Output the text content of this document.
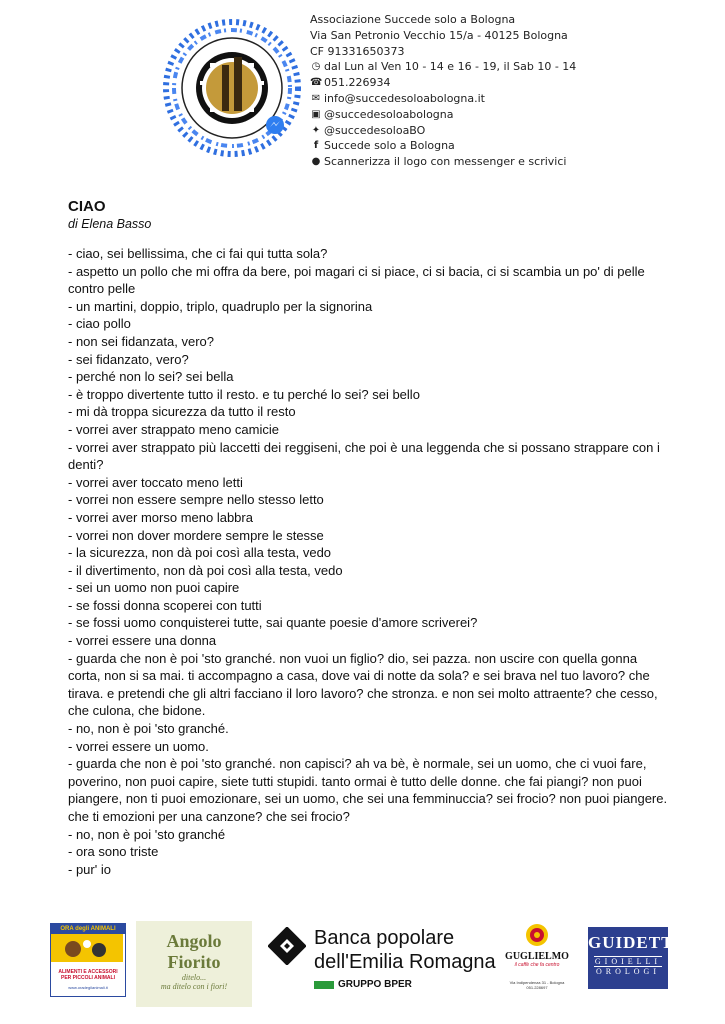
Associazione Succede solo a Bologna
Via San Petronio Vecchio 15/a - 40125 Bologna
CF 91331650373
◷ dal Lun al Ven 10 - 14 e 16 - 19, il Sab 10 - 14
☎ 051.226934
✉ info@succedesoloabologna.it
▣ @succedesoloabologna
✦ @succedesoloaBO
f Succede solo a Bologna
● Scannerizza il logo con messenger e scrivici
CIAO
di Elena Basso

- ciao, sei bellissima, che ci fai qui tutta sola?

- aspetto un pollo che mi offra da bere, poi magari ci si piace, ci si bacia, ci si scambia un po' di pelle contro pelle

- un martini, doppio, triplo, quadruplo per la signorina

- ciao pollo

- non sei fidanzata, vero?

- sei fidanzato, vero?

- perché non lo sei? sei bella

- è troppo divertente tutto il resto. e tu perché lo sei? sei bello

- mi dà troppa sicurezza da tutto il resto

- vorrei aver strappato meno camicie

- vorrei aver strappato più laccetti dei reggiseni, che poi è una leggenda che si possano strappare con i denti?

- vorrei aver toccato meno letti

- vorrei non essere sempre nello stesso letto

- vorrei aver morso meno labbra

- vorrei non dover mordere sempre le stesse

- la sicurezza, non dà poi così alla testa, vedo

- il divertimento, non dà poi così alla testa, vedo

- sei un uomo non puoi capire

- se fossi donna scoperei con tutti

- se fossi uomo conquisterei tutte, sai quante poesie d'amore scriverei?

- vorrei essere una donna

- guarda che non è poi 'sto granché. non vuoi un figlio? dio, sei pazza. non uscire con quella gonna corta, non si sa mai. ti accompagno a casa, dove vai di notte da sola? e sei brava nel tuo lavoro? che tirava. e pretendi che gli altri facciano il loro lavoro? che stronza. e non sei molto attraente? che cesso, che culona, che bidone.

- no, non è poi 'sto granché.

- vorrei essere un uomo.

- guarda che non è poi 'sto granché. non capisci? ah va bè, è normale, sei un uomo, che ci vuoi fare, poverino, non puoi capire, siete tutti stupidi. tanto ormai è tutto delle donne. che fai piangi? non puoi piangere, non ti puoi emozionare, sei un uomo, che sei una femminuccia? sei frocio? non puoi piangere. che ti emozioni per una canzone? che sei frocio?

- no, non è poi 'sto granché

- ora sono triste

- pur' io

ORA degli ANIMALI
ALIMENTI E ACCESSORI
PER PICCOLI ANIMALI
www.oradegilanimali.it
Angolo
Fiorito
ditelo...
ma ditelo con i fiori!
Banca popolare
dell'Emilia Romagna
GRUPPO BPER
GUGLIELMO
il caffè che fa centro
Via Indipendenza 31 - Bologna
051.228697
GUIDETTI
GIOIELLI
OROLOGI
